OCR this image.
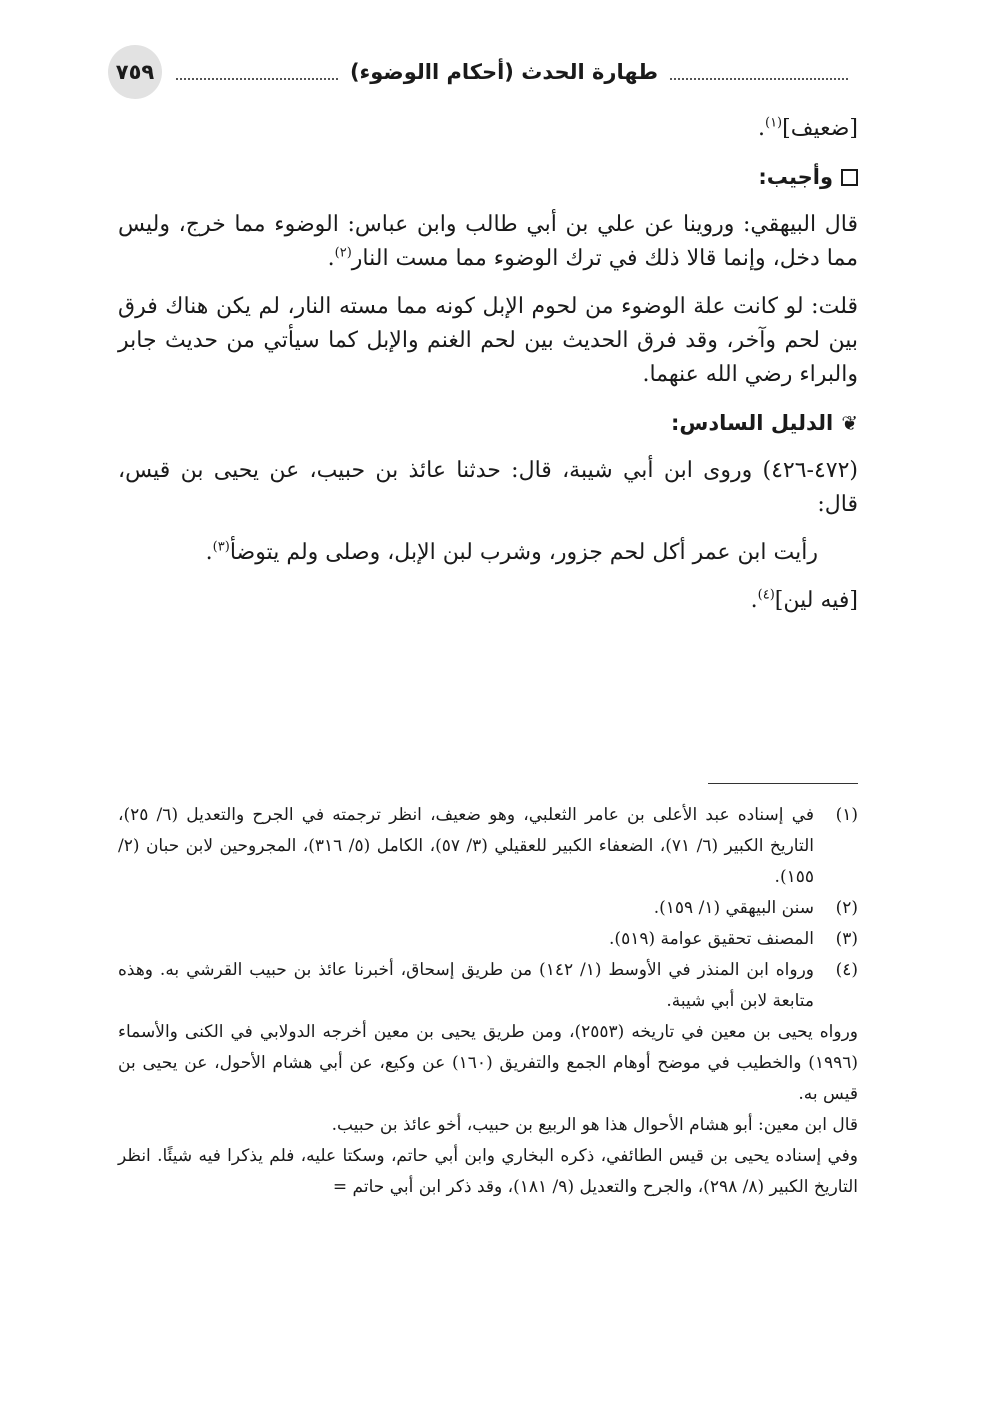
طهارة الحدث (أحكام االوضوء)
٧٥٩
[ضعيف]$^{(١)}$.
وأجيب:
قال البيهقي: وروينا عن علي بن أبي طالب وابن عباس: الوضوء مما خرج، وليس مما دخل، وإنما قالا ذلك في ترك الوضوء مما مست النار$^{(٢)}$.
قلت: لو كانت علة الوضوء من لحوم الإبل كونه مما مسته النار، لم يكن هناك فرق بين لحم وآخر، وقد فرق الحديث بين لحم الغنم والإبل كما سيأتي من حديث جابر والبراء رضي الله عنهما.
❦
الدليل السادس:
(٤٧٢-٤٢٦) وروى ابن أبي شيبة، قال: حدثنا عائذ بن حبيب، عن يحيى بن قيس، قال:
رأيت ابن عمر أكل لحم جزور، وشرب لبن الإبل، وصلى ولم يتوضأ$^{(٣)}$.
[فيه لين]$^{(٤)}$.
(١)
في إسناده عبد الأعلى بن عامر الثعلبي، وهو ضعيف، انظر ترجمته في الجرح والتعديل (٦/ ٢٥)، التاريخ الكبير (٦/ ٧١)، الضعفاء الكبير للعقيلي (٣/ ٥٧)، الكامل (٥/ ٣١٦)، المجروحين لابن حبان (٢/ ١٥٥).
(٢)
سنن البيهقي (١/ ١٥٩).
(٣)
المصنف تحقيق عوامة (٥١٩).
(٤)
ورواه ابن المنذر في الأوسط (١/ ١٤٢) من طريق إسحاق، أخبرنا عائذ بن حبيب القرشي به. وهذه متابعة لابن أبي شيبة.
ورواه يحيى بن معين في تاريخه (٢٥٥٣)، ومن طريق يحيى بن معين أخرجه الدولابي في الكنى والأسماء (١٩٩٦) والخطيب في موضح أوهام الجمع والتفريق (١٦٠) عن وكيع، عن أبي هشام الأحول، عن يحيى بن قيس به.
قال ابن معين: أبو هشام الأحوال هذا هو الربيع بن حبيب، أخو عائذ بن حبيب.
وفي إسناده يحيى بن قيس الطائفي، ذكره البخاري وابن أبي حاتم، وسكتا عليه، فلم يذكرا فيه شيئًا. انظر التاريخ الكبير (٨/ ٢٩٨)، والجرح والتعديل (٩/ ١٨١)، وقد ذكر ابن أبي حاتم =
